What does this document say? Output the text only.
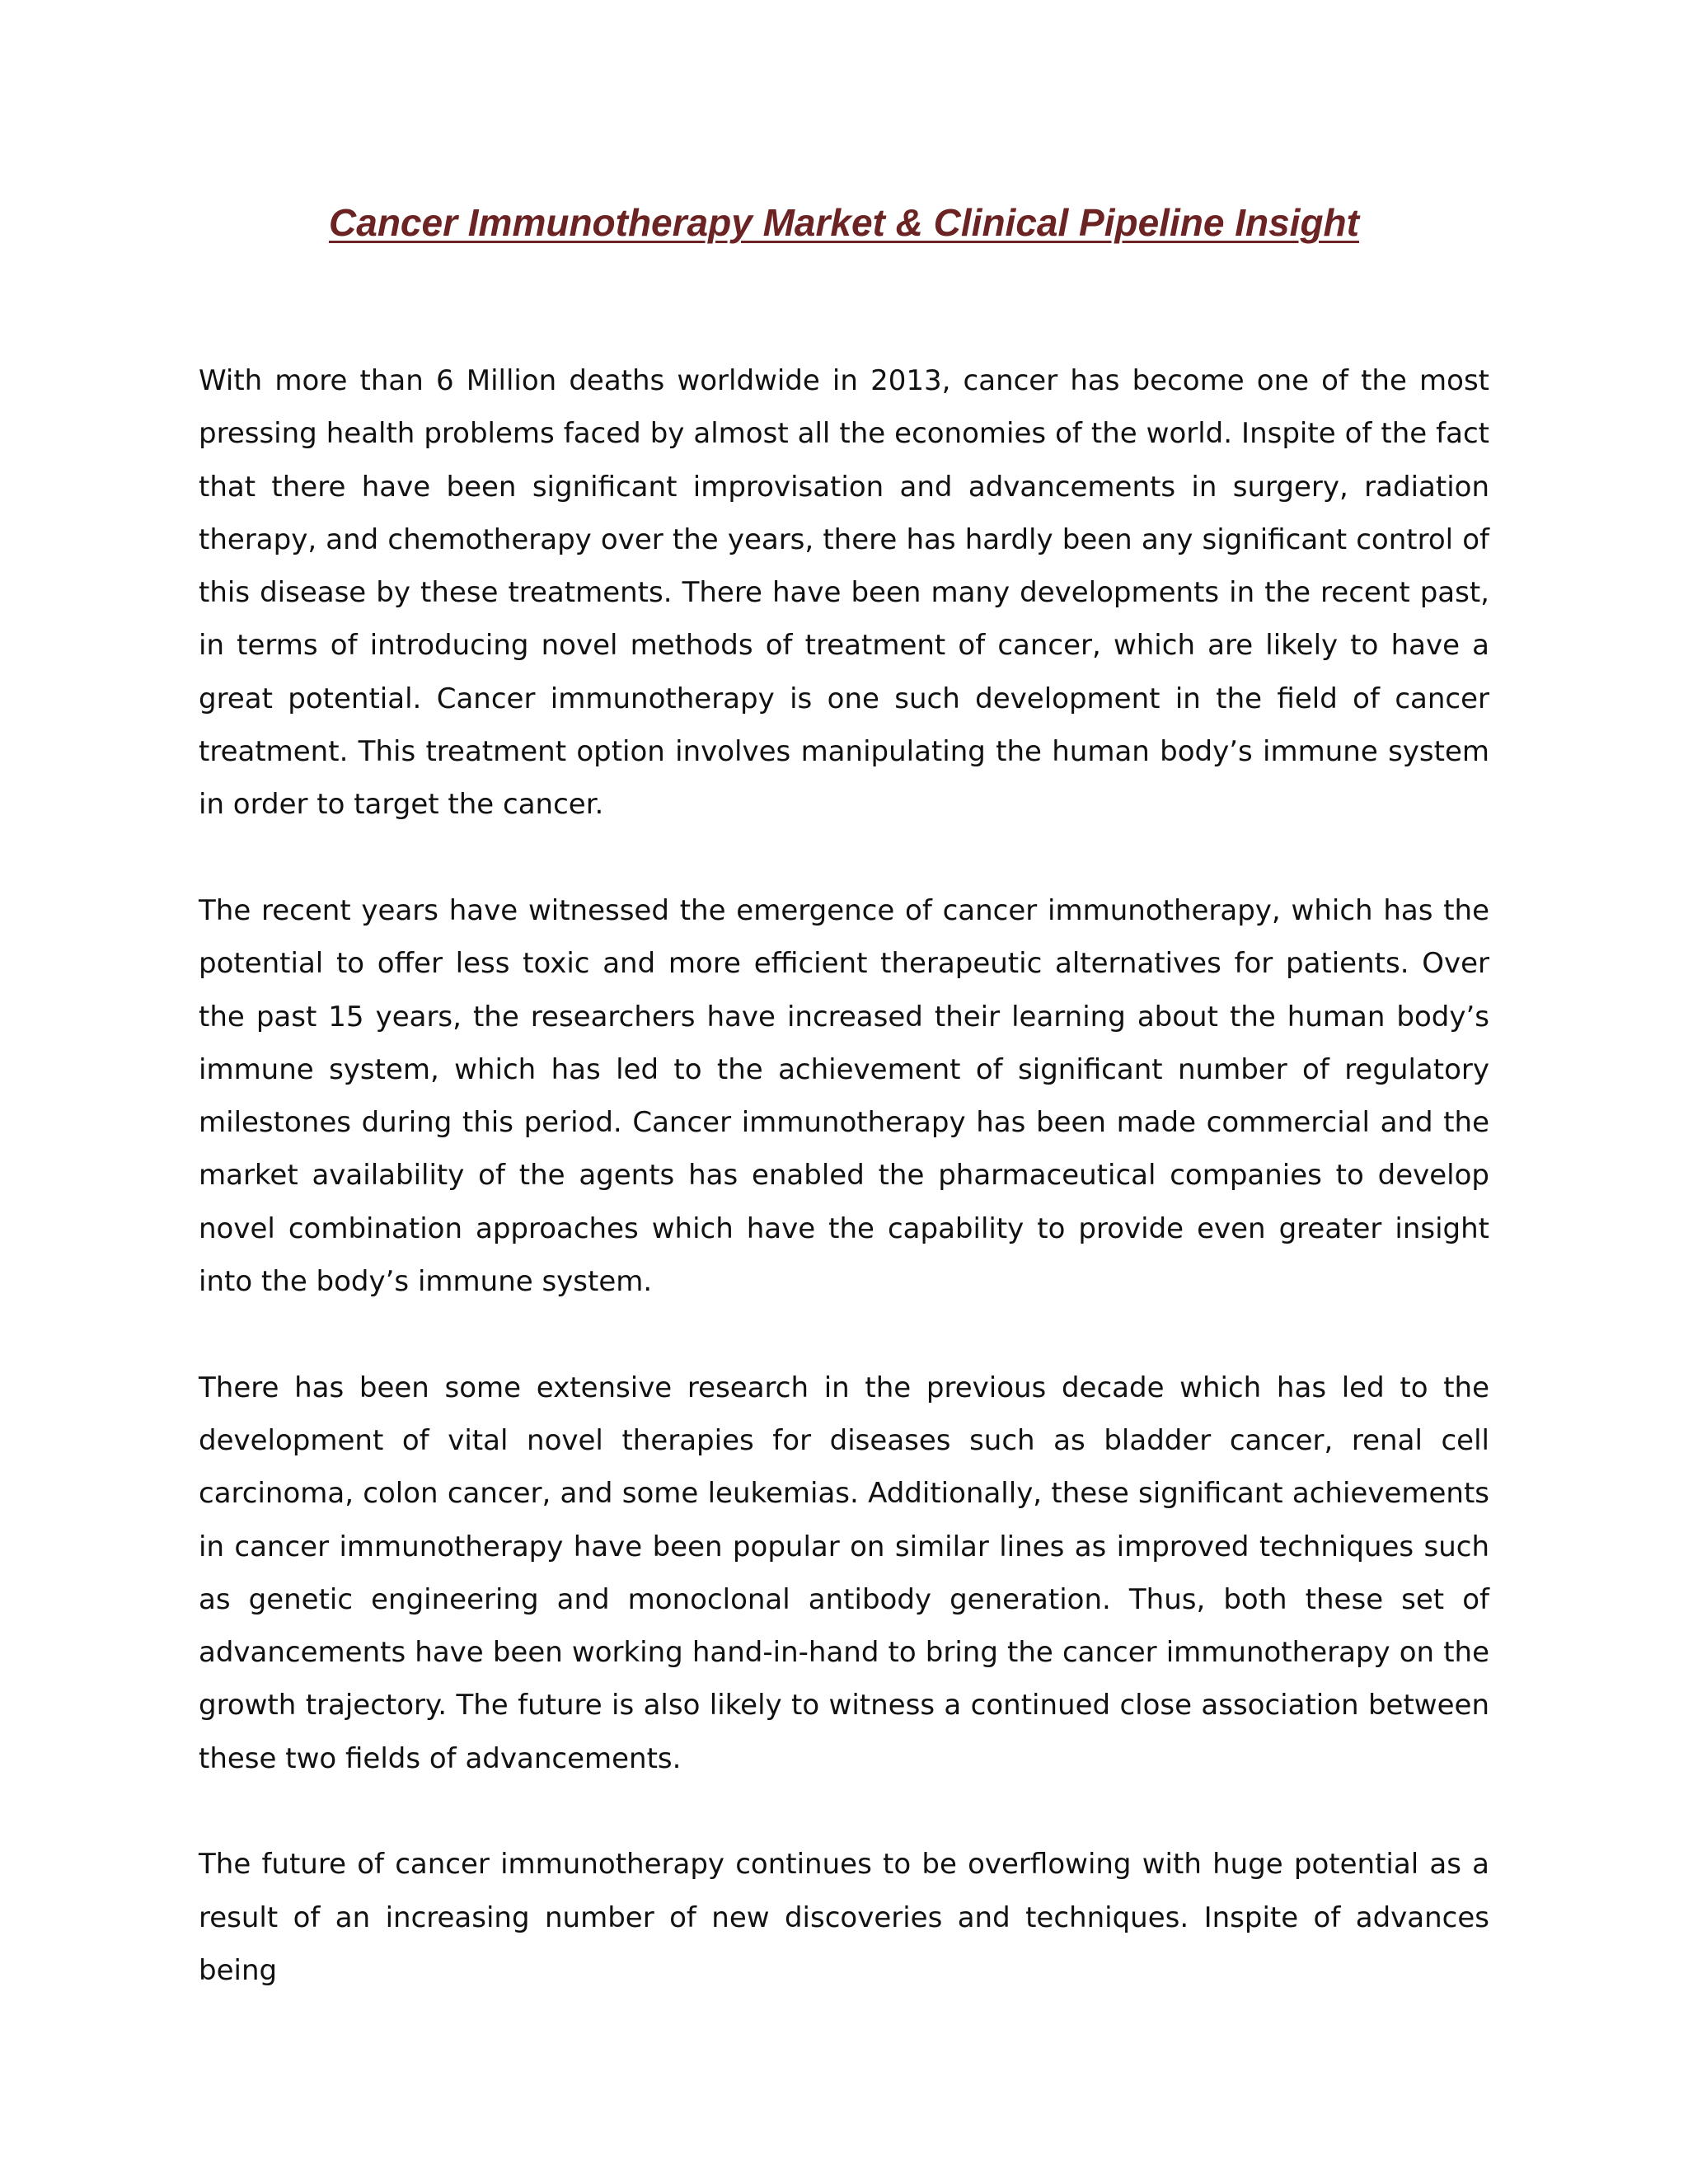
Cancer Immunotherapy Market & Clinical Pipeline Insight

With more than 6 Million deaths worldwide in 2013, cancer has become one of the most pressing health problems faced by almost all the economies of the world. Inspite of the fact that there have been significant improvisation and advancements in surgery, radiation therapy, and chemotherapy over the years, there has hardly been any significant control of this disease by these treatments. There have been many developments in the recent past, in terms of introducing novel methods of treatment of cancer, which are likely to have a great potential. Cancer immunotherapy is one such development in the field of cancer treatment. This treatment option involves manipulating the human body’s immune system in order to target the cancer.

The recent years have witnessed the emergence of cancer immunotherapy, which has the potential to offer less toxic and more efficient therapeutic alternatives for patients. Over the past 15 years, the researchers have increased their learning about the human body’s immune system, which has led to the achievement of significant number of regulatory milestones during this period. Cancer immunotherapy has been made commercial and the market availability of the agents has enabled the pharmaceutical companies to develop novel combination approaches which have the capability to provide even greater insight into the body’s immune system.

There has been some extensive research in the previous decade which has led to the development of vital novel therapies for diseases such as bladder cancer, renal cell carcinoma, colon cancer, and some leukemias. Additionally, these significant achievements in cancer immunotherapy have been popular on similar lines as improved techniques such as genetic engineering and monoclonal antibody generation. Thus, both these set of advancements have been working hand-in-hand to bring the cancer immunotherapy on the growth trajectory. The future is also likely to witness a continued close association between these two fields of advancements.

The future of cancer immunotherapy continues to be overflowing with huge potential as a result of an increasing number of new discoveries and techniques. Inspite of advances being
